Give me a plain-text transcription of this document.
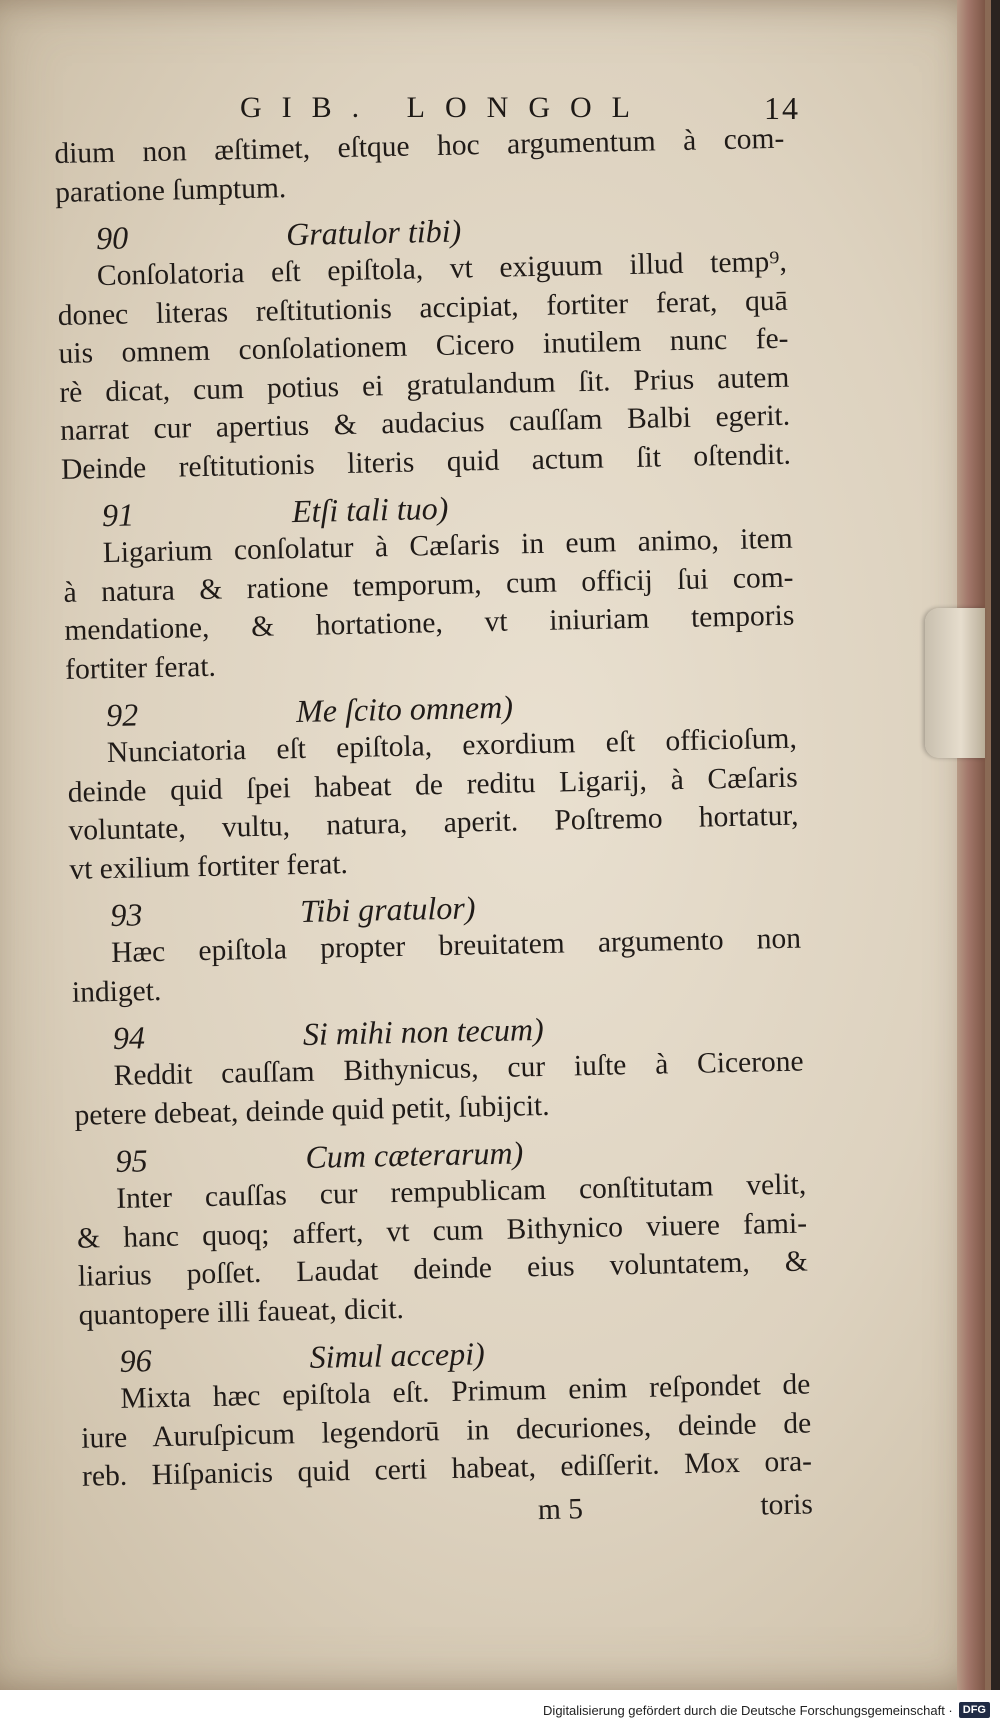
GIB. LONGOL	14
dium non æſtimet, eſtque hoc argumentum à com-
paratione ſumptum.
90	Gratulor tibi)
Conſolatoria eſt epiſtola, vt exiguum illud temp⁹,
donec literas reſtitutionis accipiat, fortiter ferat, quā
uis omnem conſolationem Cicero inutilem nunc fe-
rè dicat, cum potius ei gratulandum ſit. Prius autem
narrat cur apertius & audacius cauſſam Balbi egerit.
Deinde reſtitutionis literis quid actum ſit oſtendit.
91	Etſi tali tuo)
Ligarium conſolatur à Cæſaris in eum animo, item
à natura & ratione temporum, cum officij ſui com-
mendatione, & hortatione, vt iniuriam temporis
fortiter ferat.
92	Me ſcito omnem)
Nunciatoria eſt epiſtola, exordium eſt officioſum,
deinde quid ſpei habeat de reditu Ligarij, à Cæſaris
voluntate, vultu, natura, aperit. Poſtremo hortatur,
vt exilium fortiter ferat.
93	Tibi gratulor)
Hæc epiſtola propter breuitatem argumento non
indiget.
94	Si mihi non tecum)
Reddit cauſſam Bithynicus, cur iuſte à Cicerone
petere debeat, deinde quid petit, ſubijcit.
95	Cum cæterarum)
Inter cauſſas cur rempublicam conſtitutam velit,
& hanc quoq; affert, vt cum Bithynico viuere fami-
liarius poſſet. Laudat deinde eius voluntatem, &
quantopere illi faueat, dicit.
96	Simul accepi)
Mixta hæc epiſtola eſt. Primum enim reſpondet de
iure Auruſpicum legendorū in decuriones, deinde de
reb. Hiſpanicis quid certi habeat, ediſſerit. Mox ora-
m 5	toris
Digitalisierung gefördert durch die Deutsche Forschungsgemeinschaft · DFG
